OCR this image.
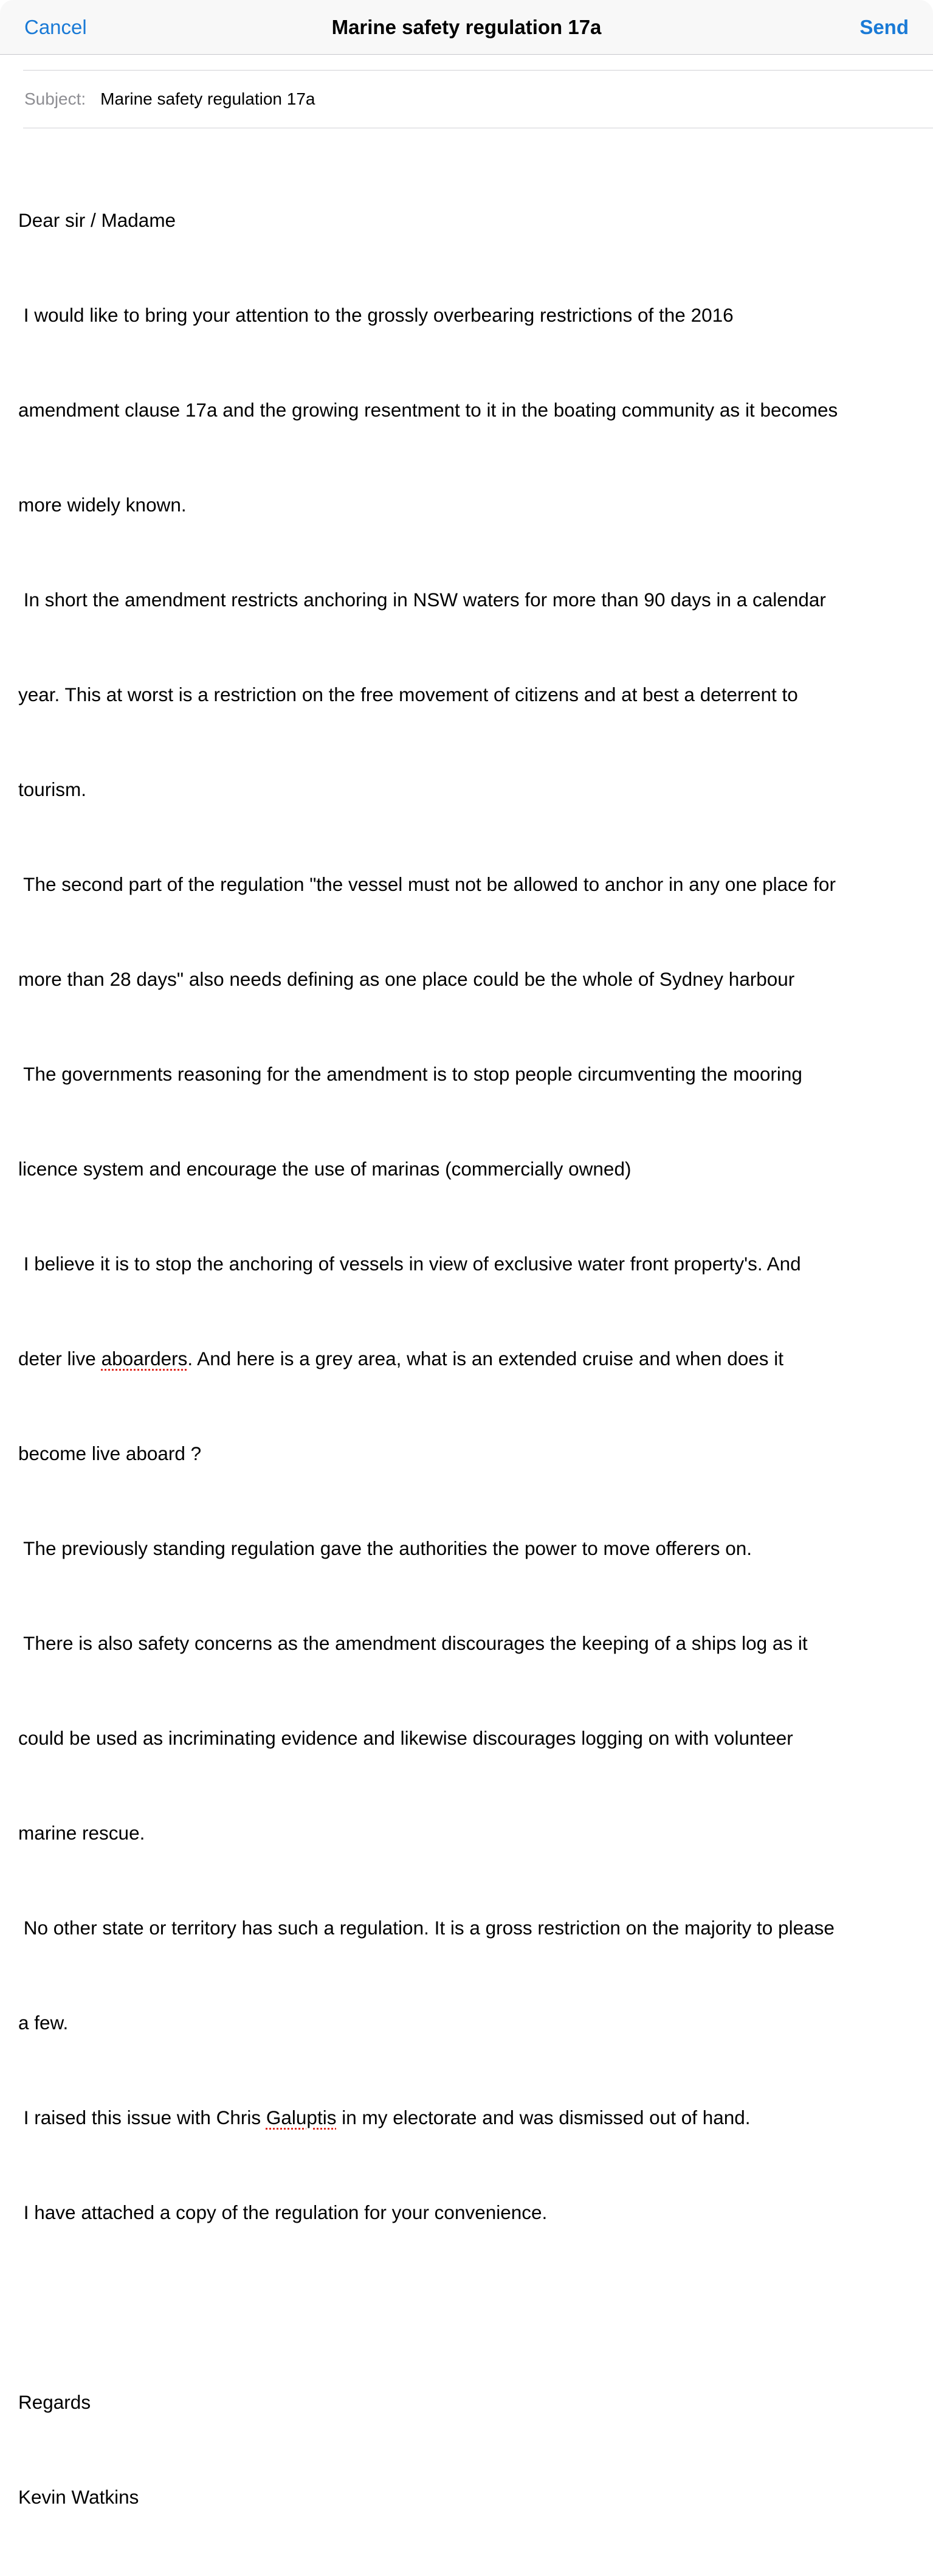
Cancel	Marine safety regulation 17a	Send
Subject: Marine safety regulation 17a

Dear sir / Madame

I would like to bring your attention to the grossly overbearing restrictions of the 2016

amendment clause 17a and the growing resentment to it in the boating community as it becomes

more widely known.

In short the amendment restricts anchoring in NSW waters for more than 90 days in a calendar

year. This at worst is a restriction on the free movement of citizens and at best a deterrent to

tourism.

The second part of the regulation "the vessel must not be allowed to anchor in any one place for

more than 28 days" also needs defining as one place could be the whole of Sydney harbour

The governments reasoning for the amendment is to stop people circumventing the mooring

licence system and encourage the use of marinas (commercially owned)

I believe it is to stop the anchoring of vessels in view of exclusive water front property's. And

deter live aboarders. And here is a grey area, what is an extended cruise and when does it

become live aboard ?

The previously standing regulation gave the authorities the power to move offerers on.

There is also safety concerns as the amendment discourages the keeping of a ships log as it

could be used as incriminating evidence and likewise discourages logging on with volunteer

marine rescue.

No other state or territory has such a regulation. It is a gross restriction on the majority to please

a few.

I raised this issue with Chris Galuptis in my electorate and was dismissed out of hand.

I have attached a copy of the regulation for your convenience.

Regards

Kevin Watkins
